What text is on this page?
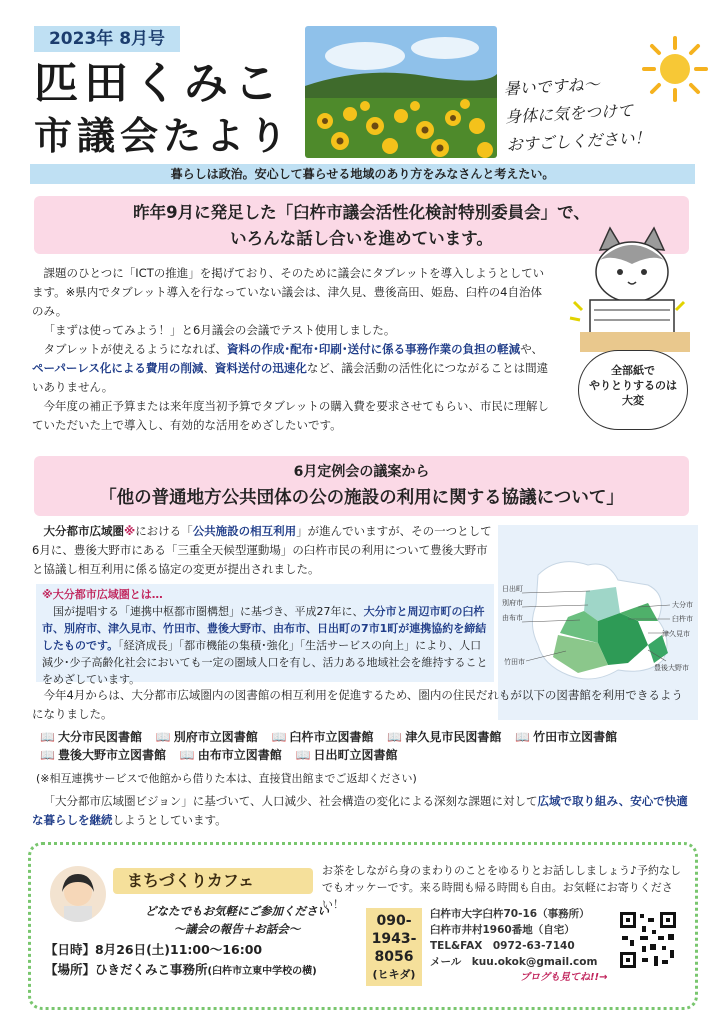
2023年 8月号
匹田くみこ
市議会たより
暑いですね〜
身体に気をつけて
おすごしください！
暮らしは政治。安心して暮らせる地域のあり方をみなさんと考えたい。
昨年9月に発足した「臼杵市議会活性化検討特別委員会」で、
いろんな話し合いを進めています。

課題のひとつに「ICTの推進」を掲げており、そのために議会にタブレットを導入しようとしています。※県内でタブレット導入を行なっていない議会は、津久見、豊後高田、姫島、臼杵の4自治体のみ。

「まずは使ってみよう！」と6月議会の会議でテスト使用しました。

タブレットが使えるようになれば、資料の作成･配布･印刷･送付に係る事務作業の負担の軽減や、ペーパーレス化による費用の削減、資料送付の迅速化など、議会活動の活性化につながることは間違いありません。

今年度の補正予算または来年度当初予算でタブレットの購入費を要求させてもらい、市民に理解していただいた上で導入し、有効的な活用をめざしたいです。

全部紙で
やりとりするのは
大変
6月定例会の議案から
「他の普通地方公共団体の公の施設の利用に関する協議について」

大分都市広域圏※における「公共施設の相互利用」が進んでいますが、その一つとして6月に、豊後大野市にある「三重全天候型運動場」の臼杵市民の利用について豊後大野市と協議し相互利用に係る協定の変更が提出されました。

日出町
別府市
由布市
竹田市
大分市
臼杵市
津久見市
豊後大野市
※大分都市広域圏とは…
国が提唱する「連携中枢都市圏構想」に基づき、平成27年に、大分市と周辺市町の臼杵市、別府市、津久見市、竹田市、豊後大野市、由布市、日出町の7市1町が連携協約を締結したものです。「経済成長」「都市機能の集積･強化」「生活サービスの向上」により、人口減少･少子高齢化社会においても一定の圏域人口を有し、活力ある地域社会を維持することをめざしています。
今年4月からは、大分都市広域圏内の図書館の相互利用を促進するため、圏内の住民だれもが以下の図書館を利用できるようになりました。
📖 大分市民図書館 📖 別府市立図書館 📖 臼杵市立図書館 📖 津久見市民図書館 📖 竹田市立図書館
📖 豊後大野市立図書館 📖 由布市立図書館 📖 日出町立図書館
(※相互連携サービスで他館から借りた本は、直接貸出館までご返却ください)
「大分都市広域圏ビジョン」に基づいて、人口減少、社会構造の変化による深刻な課題に対して広域で取り組み、安心で快適な暮らしを継続しようとしています。
まちづくりカフェ
お茶をしながら身のまわりのことをゆるりとお話ししましょう♪予約なしでもオッケーです。来る時間も帰る時間も自由。お気軽にお寄りください！
どなたでもお気軽にご参加ください
〜議会の報告＋お話会〜
【日時】8月26日(土)11:00〜16:00
【場所】ひきだくみこ事務所(臼杵市立東中学校の横)
090-
1943-
8056
(ヒキダ)
臼杵市大字臼杵70-16（事務所）
臼杵市井村1960番地（自宅）
TEL&FAX　0972-63-7140
メール　kuu.okok@gmail.com
ブログも見てね!!→
